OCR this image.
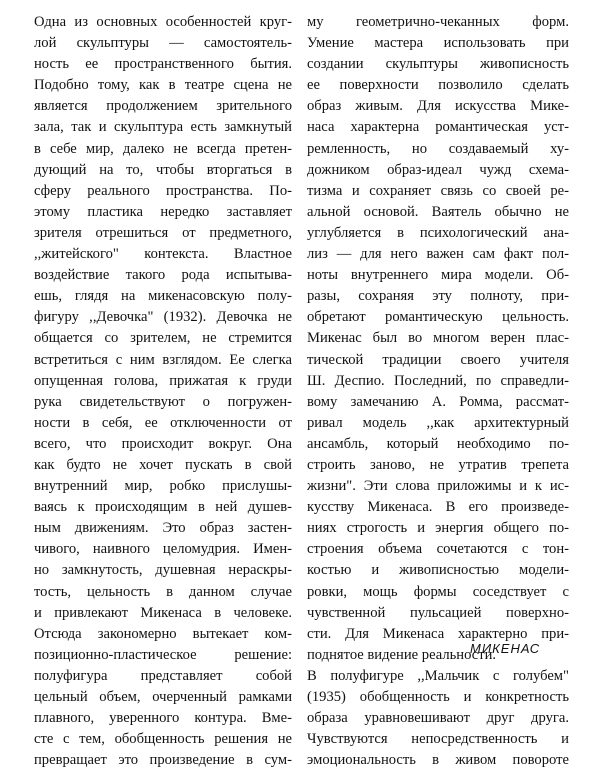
Одна из основных особенностей круг-
лой скульптуры — самостоятель-
ность ее пространственного бытия.
Подобно тому, как в театре сцена не
является продолжением зрительного
зала, так и скульптура есть замкнутый
в себе мир, далеко не всегда претен-
дующий на то, чтобы вторгаться в
сферу реального пространства. По-
этому пластика нередко заставляет
зрителя отрешиться от предметного,
,,житейского" контекста. Властное
воздействие такого рода испытыва-
ешь, глядя на микенасовскую полу-
фигуру ,,Девочка" (1932). Девочка не
общается со зрителем, не стремится
встретиться с ним взглядом. Ее слегка
опущенная голова, прижатая к груди
рука свидетельствуют о погружен-
ности в себя, ее отключенности от
всего, что происходит вокруг. Она
как будто не хочет пускать в свой
внутренний мир, робко прислушы-
ваясь к происходящим в ней душев-
ным движениям. Это образ застен-
чивого, наивного целомудрия. Имен-
но замкнутость, душевная нераскры-
тость, цельность в данном случае
и привлекают Микенаса в человеке.
Отсюда закономерно вытекает ком-
позиционно-пластическое решение:
полуфигура представляет собой
цельный объем, очерченный рамками
плавного, уверенного контура. Вме-
сте с тем, обобщенность решения не
превращает это произведение в сум-
му геометрично-чеканных форм.
Умение мастера использовать при
создании скульптуры живописность
ее поверхности позволило сделать
образ живым. Для искусства Мике-
наса характерна романтическая уст-
ремленность, но создаваемый ху-
дожником образ-идеал чужд схема-
тизма и сохраняет связь со своей ре-
альной основой. Ваятель обычно не
углубляется в психологический ана-
лиз — для него важен сам факт пол-
ноты внутреннего мира модели. Об-
разы, сохраняя эту полноту, при-
обретают романтическую цельность.
Микенас был во многом верен плас-
тической традиции своего учителя
Ш. Деспио. Последний, по справедли-
вому замечанию А. Ромма, рассмат-
ривал модель ,,как архитектурный
ансамбль, который необходимо по-
строить заново, не утратив трепета
жизни". Эти слова приложимы и к ис-
кусству Микенаса. В его произведе-
ниях строгость и энергия общего по-
строения объема сочетаются с тон-
костью и живописностью модели-
ровки, мощь формы соседствует с
чувственной пульсацией поверхно-
сти. Для Микенаса характерно при-
поднятое видение реальности.
В полуфигуре ,,Мальчик с голубем"
(1935) обобщенность и конкретность
образа уравновешивают друг друга.
Чувствуются непосредственность и
эмоциональность в живом повороте
МИКЕНАС
